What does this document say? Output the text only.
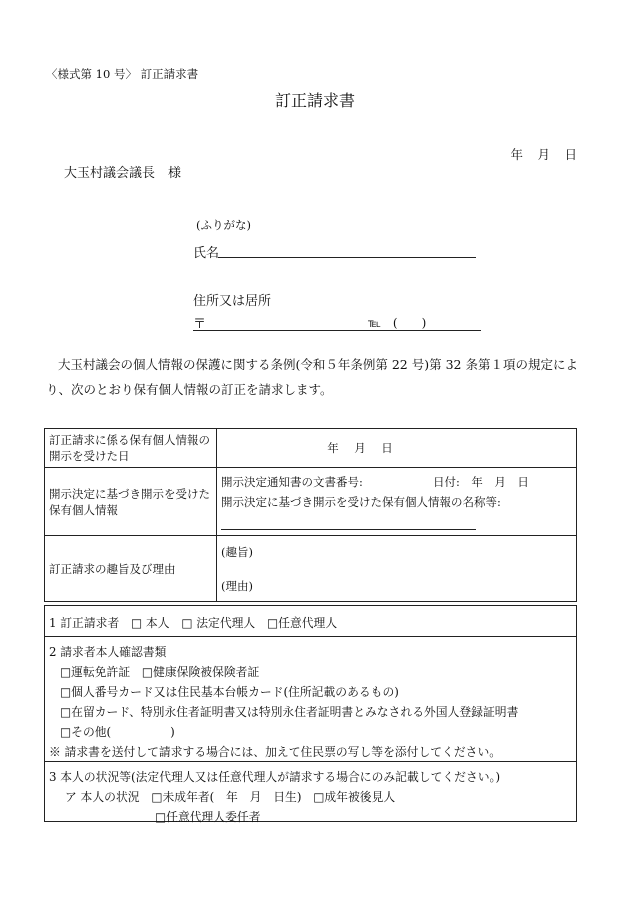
〈様式第 10 号〉 訂正請求書
訂正請求書
年　月　日
大玉村議会議長　様
(ふりがな)
氏名
住所又は居所
〒	℡　(　　)
大玉村議会の個人情報の保護に関する条例(令和５年条例第 22 号)第 32 条第１項の規定により、次のとおり保有個人情報の訂正を請求します。
訂正請求に係る保有個人情報の開示を受けた日	年　月　日

開示決定に基づき開示を受けた保有個人情報	開示決定通知書の文書番号: 日付:　年　月　日
開示決定に基づき開示を受けた保有個人情報の名称等:

訂正請求の趣旨及び理由	(趣旨)
(理由)
1 訂正請求者　□ 本人　□ 法定代理人　□任意代理人
2 請求者本人確認書類
□運転免許証　□健康保険被保険者証
□個人番号カード又は住民基本台帳カード(住所記載のあるもの)
□在留カード、特別永住者証明書又は特別永住者証明書とみなされる外国人登録証明書
□その他(　　　　　)
※ 請求書を送付して請求する場合には、加えて住民票の写し等を添付してください。
3 本人の状況等(法定代理人又は任意代理人が請求する場合にのみ記載してください。)
ア 本人の状況　□未成年者(　年　月　日生)　□成年被後見人
□任意代理人委任者
